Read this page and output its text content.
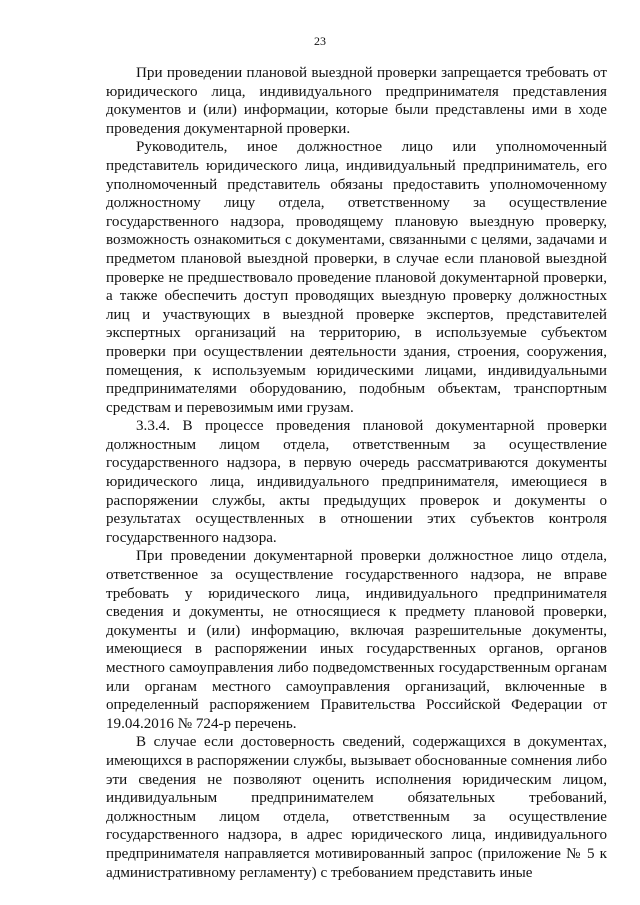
23

При проведении плановой выездной проверки запрещается требовать от юридического лица, индивидуального предпринимателя представления документов и (или) информации, которые были представлены ими в ходе проведения документарной проверки.

Руководитель, иное должностное лицо или уполномоченный представитель юридического лица, индивидуальный предприниматель, его уполномоченный представитель обязаны предоставить уполномоченному должностному лицу отдела, ответственному за осуществление государственного надзора, проводящему плановую выездную проверку, возможность ознакомиться с документами, связанными с целями, задачами и предметом плановой выездной проверки, в случае если плановой выездной проверке не предшествовало проведение плановой документарной проверки, а также обеспечить доступ проводящих выездную проверку должностных лиц и участвующих в выездной проверке экспертов, представителей экспертных организаций на территорию, в используемые субъектом проверки при осуществлении деятельности здания, строения, сооружения, помещения, к используемым юридическими лицами, индивидуальными предпринимателями оборудованию, подобным объектам, транспортным средствам и перевозимым ими грузам.

3.3.4. В процессе проведения плановой документарной проверки должностным лицом отдела, ответственным за осуществление государственного надзора, в первую очередь рассматриваются документы юридического лица, индивидуального предпринимателя, имеющиеся в распоряжении службы, акты предыдущих проверок и документы о результатах осуществленных в отношении этих субъектов контроля государственного надзора.

При проведении документарной проверки должностное лицо отдела, ответственное за осуществление государственного надзора, не вправе требовать у юридического лица, индивидуального предпринимателя сведения и документы, не относящиеся к предмету плановой проверки, документы и (или) информацию, включая разрешительные документы, имеющиеся в распоряжении иных государственных органов, органов местного самоуправления либо подведомственных государственным органам или органам местного самоуправления организаций, включенные в определенный распоряжением Правительства Российской Федерации от 19.04.2016 № 724-р перечень.

В случае если достоверность сведений, содержащихся в документах, имеющихся в распоряжении службы, вызывает обоснованные сомнения либо эти сведения не позволяют оценить исполнения юридическим лицом, индивидуальным предпринимателем обязательных требований, должностным лицом отдела, ответственным за осуществление государственного надзора, в адрес юридического лица, индивидуального предпринимателя направляется мотивированный запрос (приложение № 5 к административному регламенту) с требованием представить иные
